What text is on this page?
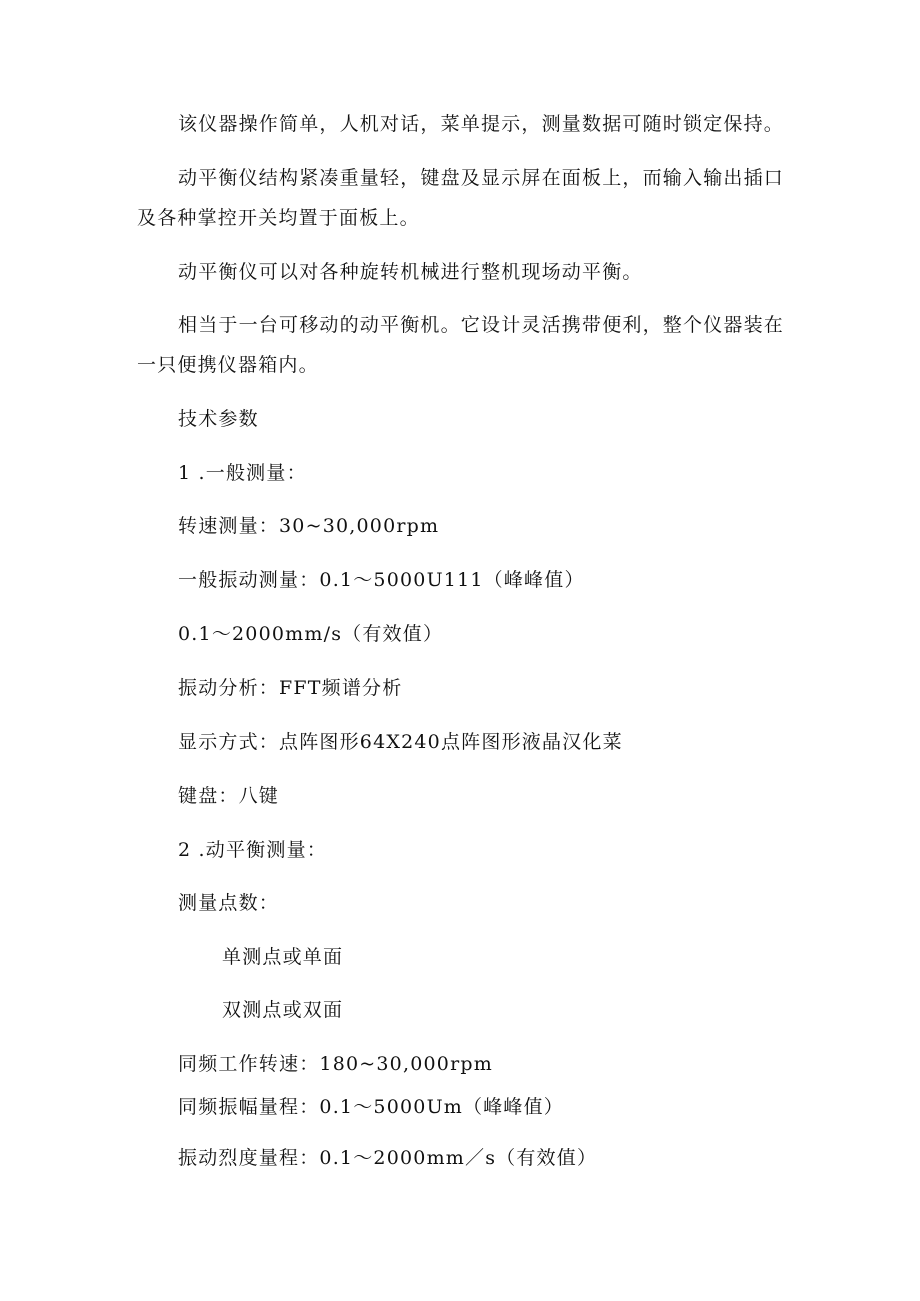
该仪器操作简单，人机对话，菜单提示，测量数据可随时锁定保持。
动平衡仪结构紧凑重量轻，键盘及显示屏在面板上，而输入输出插口
及各种掌控开关均置于面板上。
动平衡仪可以对各种旋转机械进行整机现场动平衡。
相当于一台可移动的动平衡机。它设计灵活携带便利，整个仪器装在
一只便携仪器箱内。
技术参数
1 .一般测量：
转速测量：30~30,000rpm
一般振动测量：0.1～5000U111（峰峰值）
0.1～2000mm/s（有效值）
振动分析：FFT频谱分析
显示方式：点阵图形64X240点阵图形液晶汉化菜
键盘：八键
2 .动平衡测量：
测量点数：
单测点或单面
双测点或双面
同频工作转速：180~30,000rpm
同频振幅量程：0.1～5000Um（峰峰值）
振动烈度量程：0.1～2000mm／s（有效值）
